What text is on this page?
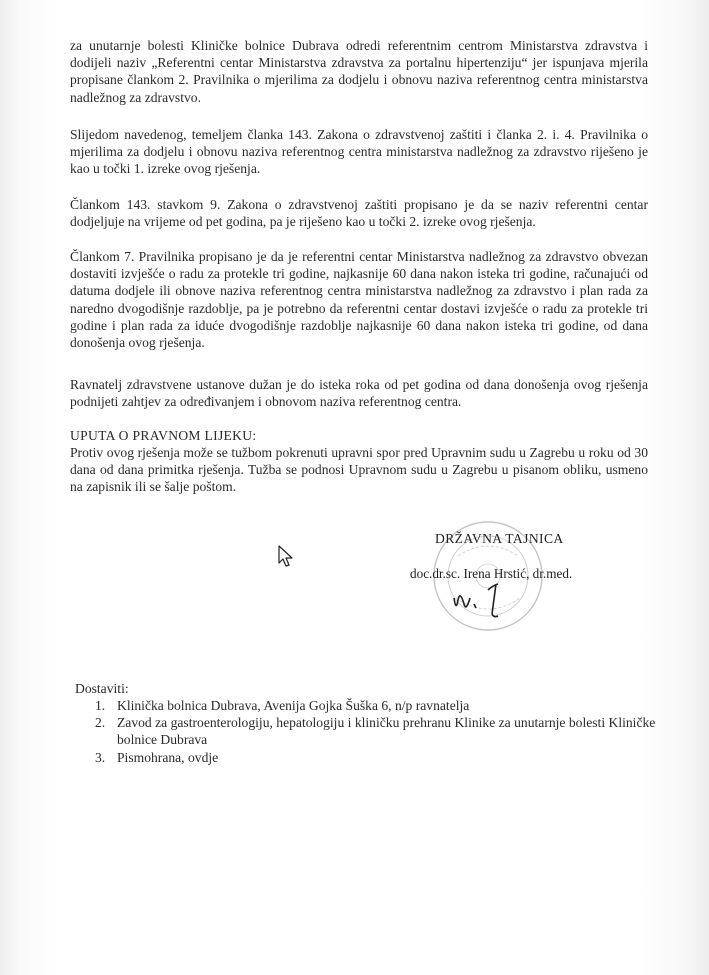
za unutarnje bolesti Kliničke bolnice Dubrava odredi referentnim centrom Ministarstva zdravstva i dodijeli naziv „Referentni centar Ministarstva zdravstva za portalnu hipertenziju“ jer ispunjava mjerila propisane člankom 2. Pravilnika o mjerilima za dodjelu i obnovu naziva referentnog centra ministarstva nadležnog za zdravstvo.

Slijedom navedenog, temeljem članka 143. Zakona o zdravstvenoj zaštiti i članka 2. i. 4. Pravilnika o mjerilima za dodjelu i obnovu naziva referentnog centra ministarstva nadležnog za zdravstvo riješeno je kao u točki 1. izreke ovog rješenja.

Člankom 143. stavkom 9. Zakona o zdravstvenoj zaštiti propisano je da se naziv referentni centar dodjeljuje na vrijeme od pet godina, pa je riješeno kao u točki 2. izreke ovog rješenja.

Člankom 7. Pravilnika propisano je da je referentni centar Ministarstva nadležnog za zdravstvo obvezan dostaviti izvješće o radu za protekle tri godine, najkasnije 60 dana nakon isteka tri godine, računajući od datuma dodjele ili obnove naziva referentnog centra ministarstva nadležnog za zdravstvo i plan rada za naredno dvogodišnje razdoblje, pa je potrebno da referentni centar dostavi izvješće o radu za protekle tri godine i plan rada za iduće dvogodišnje razdoblje najkasnije 60 dana nakon isteka tri godine, od dana donošenja ovog rješenja.

Ravnatelj zdravstvene ustanove dužan je do isteka roka od pet godina od dana donošenja ovog rješenja podnijeti zahtjev za određivanjem i obnovom naziva referentnog centra.

UPUTA O PRAVNOM LIJEKU:

Protiv ovog rješenja može se tužbom pokrenuti upravni spor pred Upravnim sudu u Zagrebu u roku od 30 dana od dana primitka rješenja. Tužba se podnosi Upravnom sudu u Zagrebu u pisanom obliku, usmeno na zapisnik ili se šalje poštom.

DRŽAVNA TAJNICA
doc.dr.sc. Irena Hrstić, dr.med.
Dostaviti:
1. Klinička bolnica Dubrava, Avenija Gojka Šuška 6, n/p ravnatelja
2. Zavod za gastroenterologiju, hepatologiju i kliničku prehranu Klinike za unutarnje bolesti Kliničke bolnice Dubrava
3. Pismohrana, ovdje
